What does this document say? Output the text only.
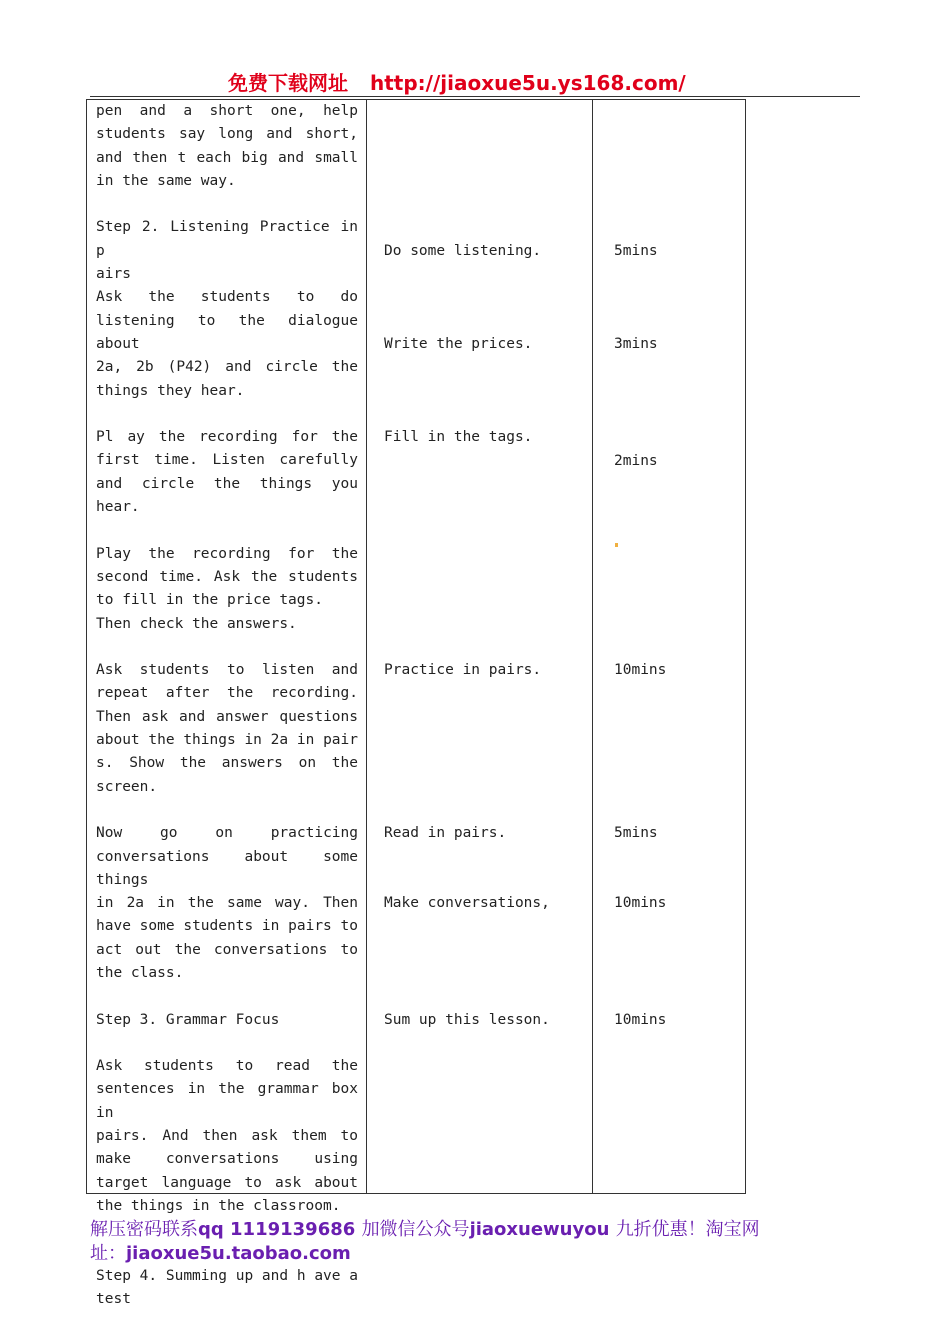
免费下载网址 http://jiaoxue5u.ys168.com/
pen and a short one, help
students say long and short,
and then t each big and small
in the same way.
Step 2. Listening Practice in p
airs
Ask the students to do
listening to the dialogue about
2a, 2b (P42) and circle the
things they hear.
Pl ay the recording for the
first time. Listen carefully
and circle the things you hear.
Play the recording for the
second time. Ask the students
to fill in the price tags.
Then check the answers.
Ask students to listen and
repeat after the recording.
Then ask and answer questions
about the things in 2a in pair
s. Show the answers on the
screen.
Now go on practicing
conversations about some things
in 2a in the same way. Then
have some students in pairs to
act out the conversations to
the class.
Step 3. Grammar Focus
Ask students to read the
sentences in the grammar box in
pairs. And then ask them to
make conversations using
target language to ask about
the things in the classroom.
Step 4. Summing up and h ave a
test
Do some listening.
Write the prices.
Fill in the tags.
Practice in pairs.
Read in pairs.
Make conversations,
Sum up this lesson.
5mins
3mins
2mins
10mins
5mins
10mins
10mins
解压密码联系qq 1119139686 加微信公众号jiaoxuewuyou 九折优惠！淘宝网
址：jiaoxue5u.taobao.com
